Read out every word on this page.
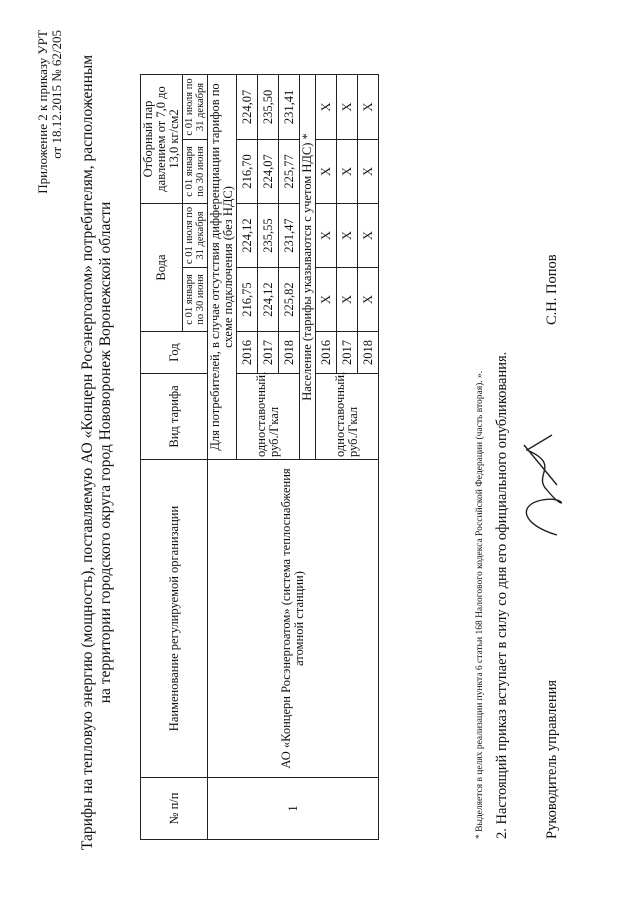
Приложение 2 к приказу УРТ от 18.12.2015 № 62/205 Тарифы на тепловую энергию (мощность), поставляемую АО «Концерн Росэнергоатом» потребителям, расположенным на территории городского округа город Нововоронеж Воронежской области
№ п/п	Наименование регулируемой организации	Вид тарифа	Год	Вода		Отборный пар давлением от 7,0 до 13,0 кг/см2	
				с 01 января по 30 июня	с 01 июля по 31 декабря	с 01 января по 30 июня	с 01 июля по 31 декабря
1	АО «Концерн Росэнергоатом» (система теплоснабжения атомной станции)	Для потребителей, в случае отсутствия дифференциации тарифов по схеме подключения (без НДС)					
		одноставочный, руб./Гкал	2016	216,75	224,12	216,70	224,07
			2017	224,12	235,55	224,07	235,50
			2018	225,82	231,47	225,77	231,41
		Население (тарифы указываются с учетом НДС) *					
		одноставочный, руб./Гкал	2016	X	X	X	X
			2017	X	X	X	X
			2018	X	X	X	X
* Выделяется в целях реализации пункта 6 статьи 168 Налогового кодекса Российской Федерации (часть вторая). ». 2. Настоящий приказ вступает в силу со дня его официального опубликования. Руководитель управления
С.Н. Попов
